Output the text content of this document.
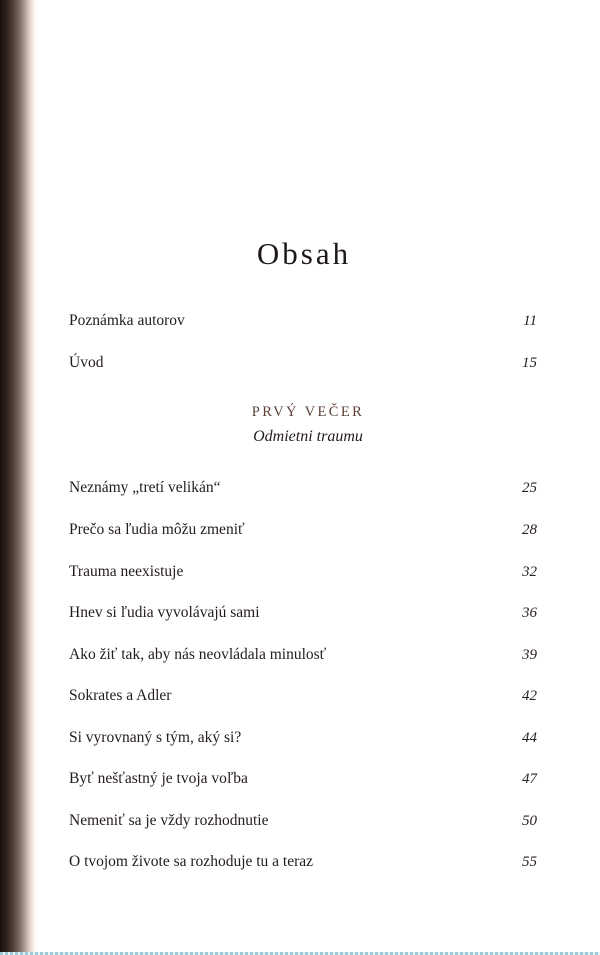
Obsah
Poznámka autorov	11
Úvod	15
PRVÝ VEČER
Odmietni traumu
Neznámy „tretí velikán“	25
Prečo sa ľudia môžu zmeniť	28
Trauma neexistuje	32
Hnev si ľudia vyvolávajú sami	36
Ako žiť tak, aby nás neovládala minulosť	39
Sokrates a Adler	42
Si vyrovnaný s tým, aký si?	44
Byť nešťastný je tvoja voľba	47
Nemeniť sa je vždy rozhodnutie	50
O tvojom živote sa rozhoduje tu a teraz	55
